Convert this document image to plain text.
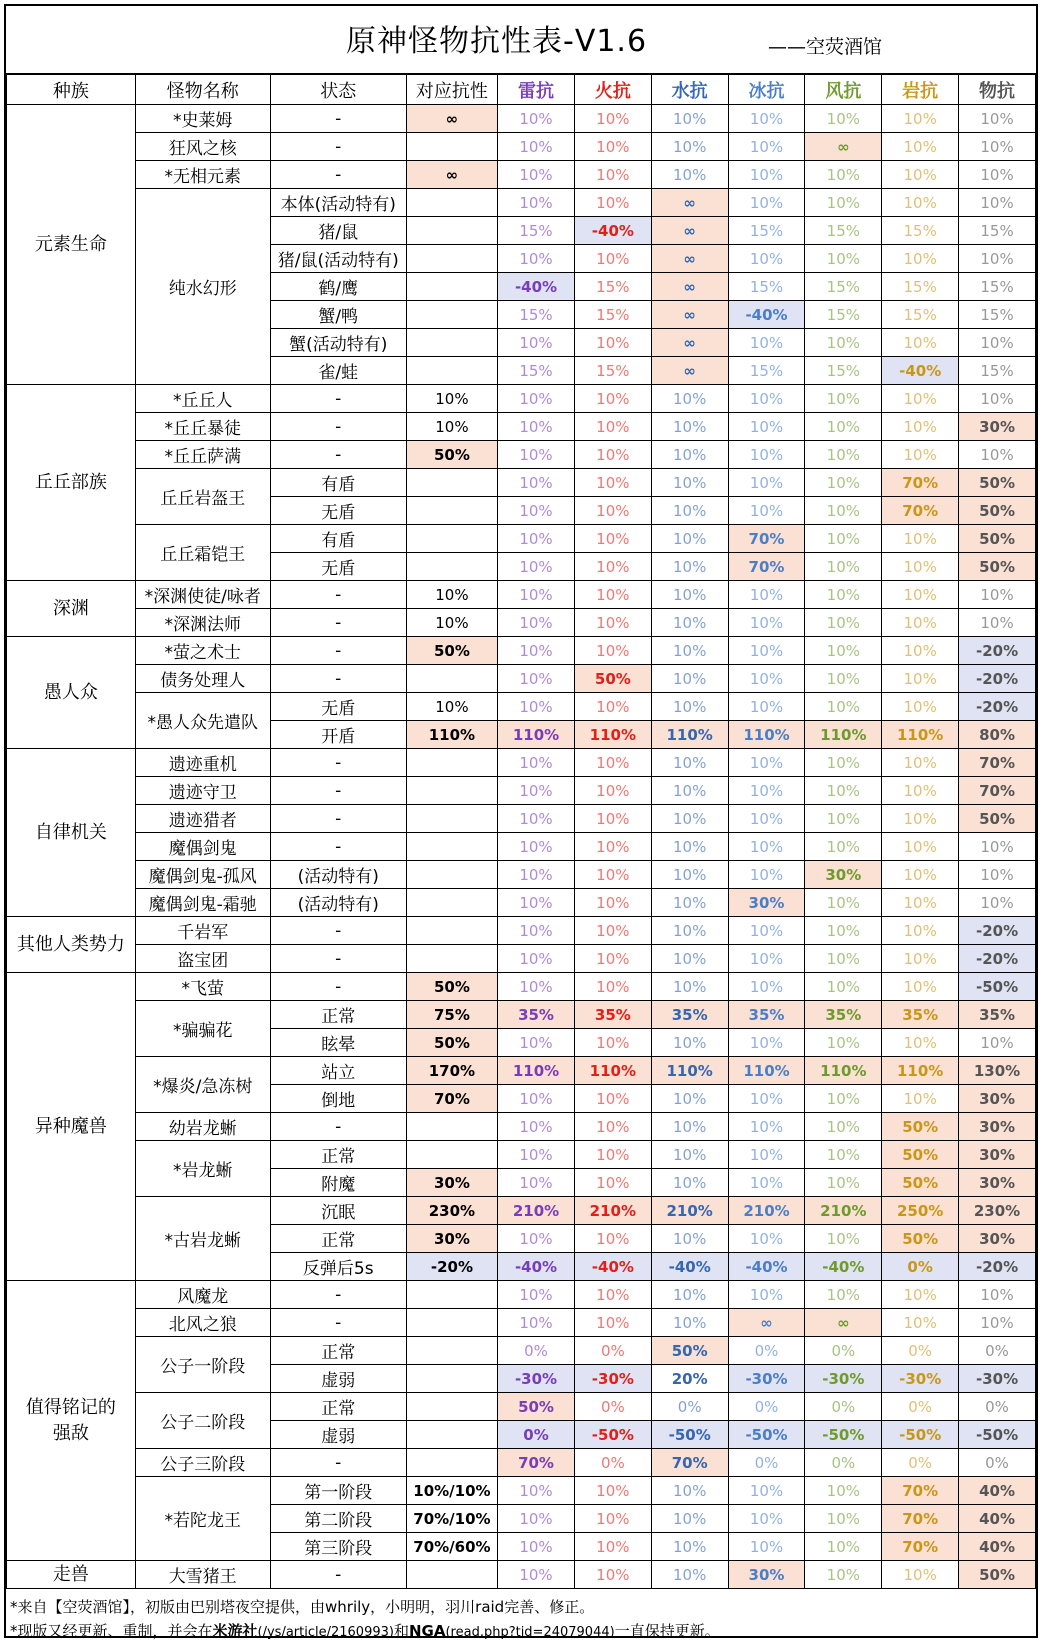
原神怪物抗性表-V1.6	——空荧酒馆
种族	怪物名称	状态	对应抗性	雷抗	火抗	水抗	冰抗	风抗	岩抗	物抗
元素生命	*史莱姆	-	∞	10%	10%	10%	10%	10%	10%	10%
	狂风之核	-		10%	10%	10%	10%	∞	10%	10%
	*无相元素	-	∞	10%	10%	10%	10%	10%	10%	10%
	纯水幻形	本体(活动特有)		10%	10%	∞	10%	10%	10%	10%
		猪/鼠		15%	-40%	∞	15%	15%	15%	15%
		猪/鼠(活动特有)		10%	10%	∞	10%	10%	10%	10%
		鹤/鹰		-40%	15%	∞	15%	15%	15%	15%
		蟹/鸭		15%	15%	∞	-40%	15%	15%	15%
		蟹(活动特有)		10%	10%	∞	10%	10%	10%	10%
		雀/蛙		15%	15%	∞	15%	15%	-40%	15%
丘丘部族	*丘丘人	-	10%	10%	10%	10%	10%	10%	10%	10%
	*丘丘暴徒	-	10%	10%	10%	10%	10%	10%	10%	30%
	*丘丘萨满	-	50%	10%	10%	10%	10%	10%	10%	10%
	丘丘岩盔王	有盾		10%	10%	10%	10%	10%	70%	50%
		无盾		10%	10%	10%	10%	10%	70%	50%
	丘丘霜铠王	有盾		10%	10%	10%	70%	10%	10%	50%
		无盾		10%	10%	10%	70%	10%	10%	50%
深渊	*深渊使徒/咏者	-	10%	10%	10%	10%	10%	10%	10%	10%
	*深渊法师	-	10%	10%	10%	10%	10%	10%	10%	10%
愚人众	*萤之术士	-	50%	10%	10%	10%	10%	10%	10%	-20%
	债务处理人	-		10%	50%	10%	10%	10%	10%	-20%
	*愚人众先遣队	无盾	10%	10%	10%	10%	10%	10%	10%	-20%
		开盾	110%	110%	110%	110%	110%	110%	110%	80%
自律机关	遗迹重机	-		10%	10%	10%	10%	10%	10%	70%
	遗迹守卫	-		10%	10%	10%	10%	10%	10%	70%
	遗迹猎者	-		10%	10%	10%	10%	10%	10%	50%
	魔偶剑鬼	-		10%	10%	10%	10%	10%	10%	10%
	魔偶剑鬼-孤风	(活动特有)		10%	10%	10%	10%	30%	10%	10%
	魔偶剑鬼-霜驰	(活动特有)		10%	10%	10%	30%	10%	10%	10%
其他人类势力	千岩军	-		10%	10%	10%	10%	10%	10%	-20%
	盗宝团	-		10%	10%	10%	10%	10%	10%	-20%
异种魔兽	*飞萤	-	50%	10%	10%	10%	10%	10%	10%	-50%
	*骗骗花	正常	75%	35%	35%	35%	35%	35%	35%	35%
		眩晕	50%	10%	10%	10%	10%	10%	10%	10%
	*爆炎/急冻树	站立	170%	110%	110%	110%	110%	110%	110%	130%
		倒地	70%	10%	10%	10%	10%	10%	10%	30%
	幼岩龙蜥	-		10%	10%	10%	10%	10%	50%	30%
	*岩龙蜥	正常		10%	10%	10%	10%	10%	50%	30%
		附魔	30%	10%	10%	10%	10%	10%	50%	30%
	*古岩龙蜥	沉眠	230%	210%	210%	210%	210%	210%	250%	230%
		正常	30%	10%	10%	10%	10%	10%	50%	30%
		反弹后5s	-20%	-40%	-40%	-40%	-40%	-40%	0%	-20%
值得铭记的强敌	风魔龙	-		10%	10%	10%	10%	10%	10%	10%
	北风之狼	-		10%	10%	10%	∞	∞	10%	10%
	公子一阶段	正常		0%	0%	50%	0%	0%	0%	0%
		虚弱		-30%	-30%	20%	-30%	-30%	-30%	-30%
	公子二阶段	正常		50%	0%	0%	0%	0%	0%	0%
		虚弱		0%	-50%	-50%	-50%	-50%	-50%	-50%
	公子三阶段	-		70%	0%	70%	0%	0%	0%	0%
	*若陀龙王	第一阶段	10%/10%	10%	10%	10%	10%	10%	70%	40%
		第二阶段	70%/10%	10%	10%	10%	10%	10%	70%	40%
		第三阶段	70%/60%	10%	10%	10%	10%	10%	70%	40%
走兽	大雪猪王	-		10%	10%	10%	30%	10%	10%	50%
*来自【空荧酒馆】，初版由巴别塔夜空提供，由whrily，小明明，羽川raid完善、修正。
*现版又经更新、重制，并会在米游社(/ys/article/2160993)和NGA(read.php?tid=24079044)一直保持更新。
